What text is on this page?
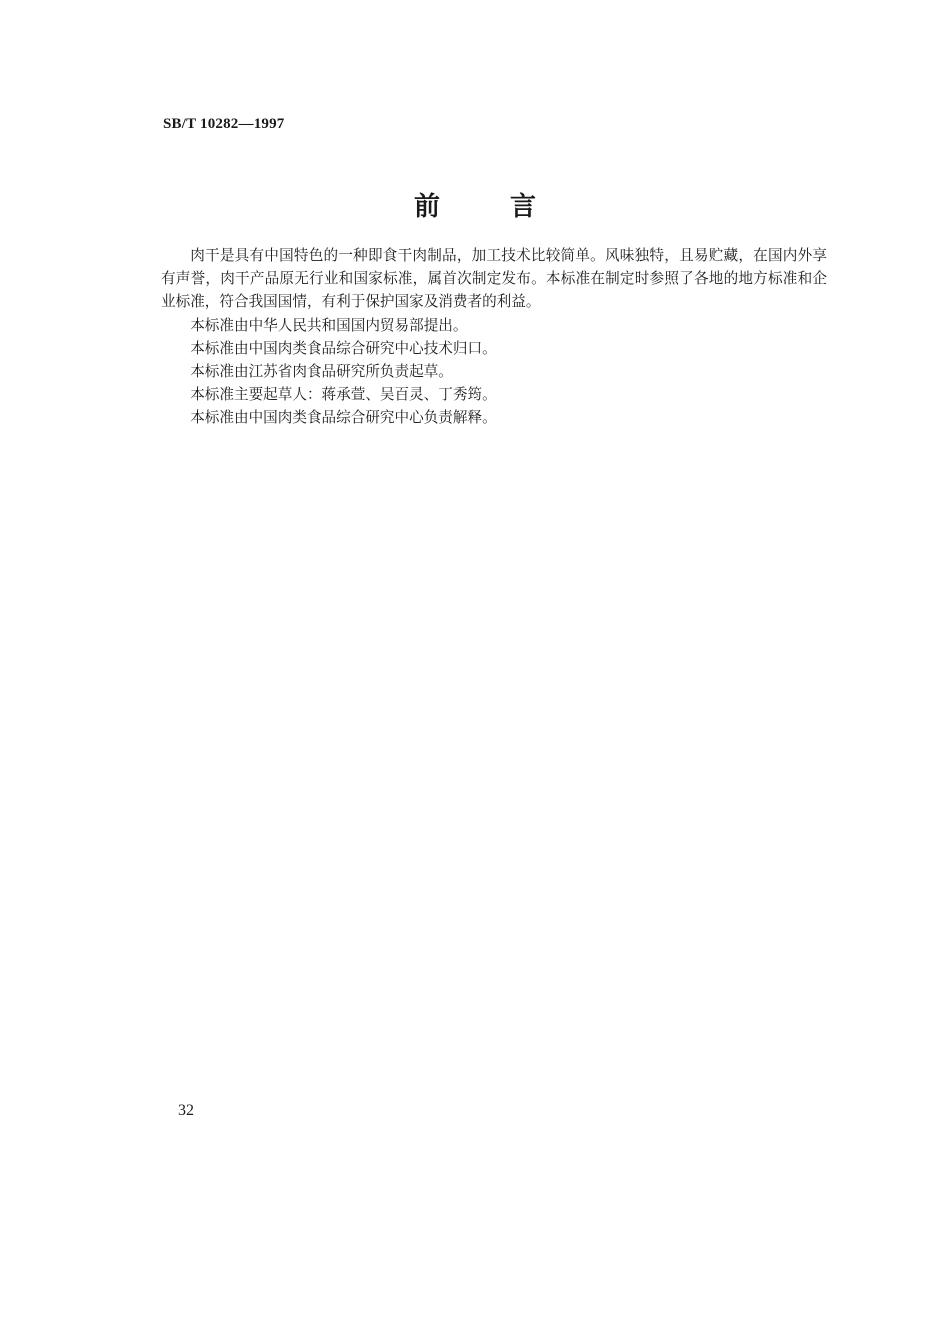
SB/T 10282—1997
前	言

肉干是具有中国特色的一种即食干肉制品，加工技术比较简单。风味独特，且易贮藏，在国内外享有声誉，肉干产品原无行业和国家标准，属首次制定发布。本标准在制定时参照了各地的地方标准和企业标准，符合我国国情，有利于保护国家及消费者的利益。

本标准由中华人民共和国国内贸易部提出。

本标准由中国肉类食品综合研究中心技术归口。

本标准由江苏省肉食品研究所负责起草。

本标准主要起草人：蒋承萱、吴百灵、丁秀筠。

本标准由中国肉类食品综合研究中心负责解释。

32
